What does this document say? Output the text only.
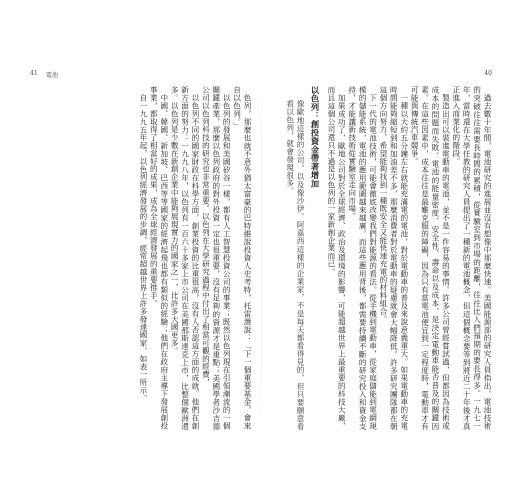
41 電池

色列，那麼也就不意外猶太富豪的巴特維說投資人史考特，托雷潛說：「下一個重要基金，會來自以色列。」

以色列的發展和美國矽谷一樣，都有人工智慧投資公司的事業；既然以色列現在引領潮流的一個關鍵產業，那麼以色列政府的對外投資一定也很重要，沒有足夠的資源才是重點；美國學者沙吉德公司以色列科技的研究也非常重要。以色列在大學研究過程中付出了相當可觀的經費，

以色列不同的國家財政在科學方面，創業投資的比重很高，沒有人否認這方面的成就。他們在創新方面的努力：一九九八年，以色列有一百六十多家上市公司在美國那斯達克上市，比整個歐洲還多。以色列是少數在新創企業中能夠展現實力的國家之一，比許多大國更多。

中國、韓國、新加坡、巴西等等國家的經濟起飛也都有類似的經驗；他們在政府主導下發展創投事業，都取得了相當好的成果，成為全球經濟發展的重要推手。

自一九九五年起，以色列經濟發展的步調，經常超越世界上許多發達國家，如表一所示。

40

過去數十年間，電池研究的進展並沒有想像中那麼快速。美國能源部的研究人員指出，電池技術的突破往往需要長時間的累積，從實驗室到市場的距離，往往比人們預期的要長得多。一九七一年，當時還在大學任教的研究人員提出了一種新的電池概念，但這個概念要等到將近二十年後才真正進入商業化的階段。

製造出可以裝進電動車的電池，並不是一件容易的事情。許多公司曾經嘗試過，但都因為技術或成本的問題而失敗。電池的能量密度、安全性、壽命以及成本，是決定電動車能否普及的關鍵因素。在這些因素中，成本往往是最難克服的障礙，因為只有當電池便宜到一定程度時，電動車才有可能與傳統汽車競爭。

一種以大約五分鐘左右就能充滿電的電池，對於電動車的普及來說意義重大。如果電動車的充電時間能夠縮短到和加油差不多，那麼消費者對於電動車的疑慮就會大幅降低。許多研究團隊都在朝這個方向努力，希望能夠找到一種既安全又能快速充電的材料組合。

下一代的電池技術，可能會徹底改變我們對能源的看法。從手機到電動車，從家庭儲能到電網規模的儲能系統，電池的應用範圍越來越廣。而這些應用背後，都需要持續不斷的研究投入和資金支持，才能讓新技術從實驗室走向市場。

加果成功了，歐地公司對於全球經濟、政治及環境的影響，可能超越世界上最重要的科技大廠，而且這個公司還只不過是以色列的一家新創企業而已。

以色列：創投資金帶著增加

像歐地這樣的公司，以及像沙伊、阿嘉西這樣的企業家，不是每天都看得見的，但只要願意看看以色列，就會發現很多。
